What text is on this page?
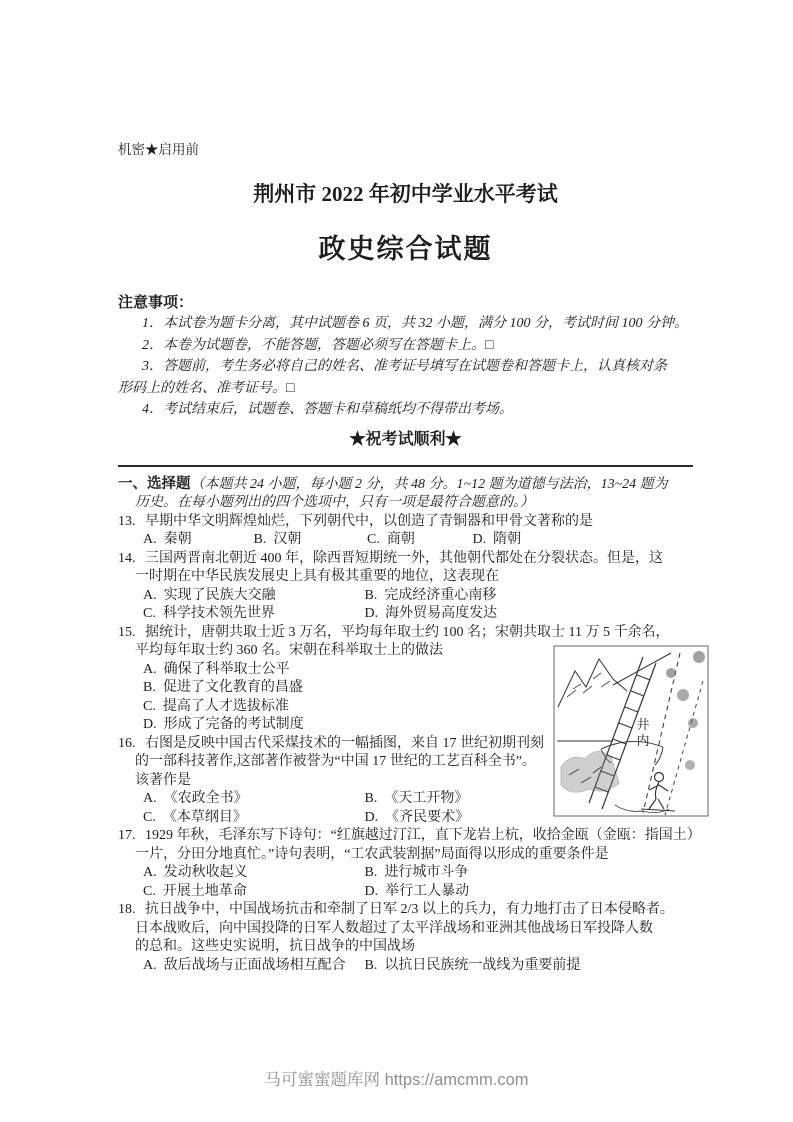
机密★启用前
荆州市 2022 年初中学业水平考试
政史综合试题
注意事项：
1．本试卷为题卡分离，其中试题卷 6 页，共 32 小题，满分 100 分，考试时间 100 分钟。
2．本卷为试题卷，不能答题，答题必须写在答题卡上。□
3．答题前，考生务必将自己的姓名、准考证号填写在试题卷和答题卡上，认真核对条
形码上的姓名、准考证号。□
4．考试结束后，试题卷、答题卡和草稿纸均不得带出考场。
★祝考试顺利★
一、选择题（本题共 24 小题，每小题 2 分，共 48 分。1~12 题为道德与法治，13~24 题为
历史。在每小题列出的四个选项中，只有一项是最符合题意的。）
13. 早期中华文明辉煌灿烂，下列朝代中，以创造了青铜器和甲骨文著称的是
A. 秦朝	B. 汉朝	C. 商朝	D. 隋朝
14. 三国两晋南北朝近 400 年，除西晋短期统一外，其他朝代都处在分裂状态。但是，这
一时期在中华民族发展史上具有极其重要的地位，这表现在
A. 实现了民族大交融	B. 完成经济重心南移
C. 科学技术领先世界	D. 海外贸易高度发达
井
内
15. 据统计，唐朝共取士近 3 万名，平均每年取士约 100 名；宋朝共取士 11 万 5 千余名，
平均每年取士约 360 名。宋朝在科举取士上的做法
A. 确保了科举取士公平
B. 促进了文化教育的昌盛
C. 提高了人才选拔标准
D. 形成了完备的考试制度
16. 右图是反映中国古代采煤技术的一幅插图，来自 17 世纪初期刊刻
的一部科技著作,这部著作被誉为“中国 17 世纪的工艺百科全书”。
该著作是
A. 《农政全书》	B. 《天工开物》
C. 《本草纲目》	D. 《齐民要术》
17. 1929 年秋，毛泽东写下诗句：“红旗越过汀江，直下龙岩上杭，收拾金瓯（金瓯：指国土）
一片，分田分地真忙。”诗句表明，“工农武装割据”局面得以形成的重要条件是
A. 发动秋收起义	B. 进行城市斗争
C. 开展土地革命	D. 举行工人暴动
18. 抗日战争中，中国战场抗击和牵制了日军 2/3 以上的兵力，有力地打击了日本侵略者。
日本战败后，向中国投降的日军人数超过了太平洋战场和亚洲其他战场日军投降人数
的总和。这些史实说明，抗日战争的中国战场
A. 敌后战场与正面战场相互配合 B. 以抗日民族统一战线为重要前提
马可蜜蜜题库网 https://amcmm.com
